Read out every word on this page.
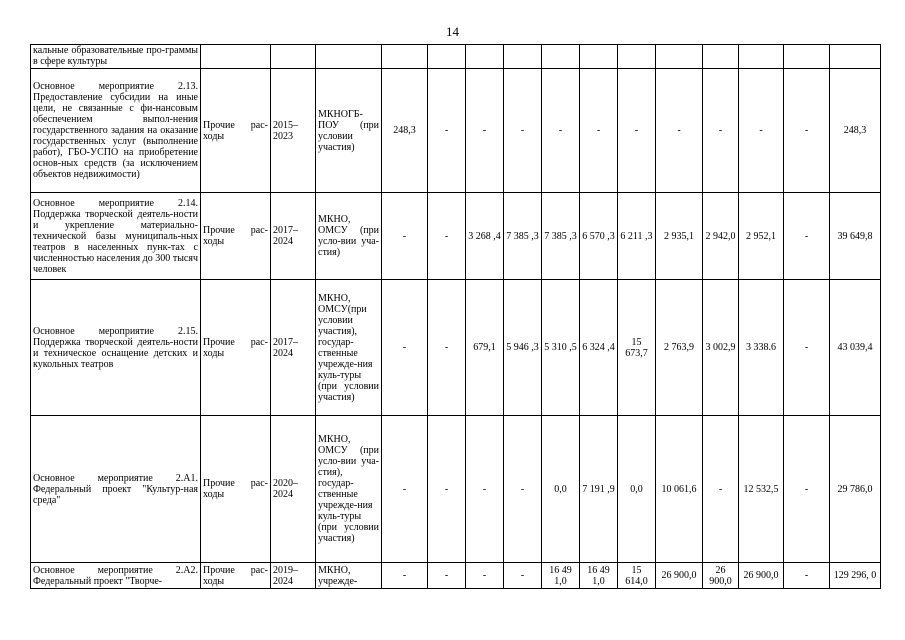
14
кальные образовательные про-граммы в сфере культуры															
Основное мероприятие 2.13. Предоставление субсидии на иные цели, не связанные с фи-нансовым обеспечением выпол-нения государственного задания на оказание государственных услуг (выполнение работ), ГБО-УСПО на приобретение основ-ных средств (за исключением объектов недвижимости)	Прочие рас-ходы	2015–2023	МКНОГБ-ПОУ (при условии участия)	248,3	-	-	-	-	-	-	-	-	-	-	248,3
Основное мероприятие 2.14. Поддержка творческой деятель-ности и укрепление материально-технической базы муниципаль-ных театров в населенных пунк-тах с численностью населения до 300 тысяч человек	Прочие рас-ходы	2017–2024	МКНО, ОМСУ (при усло-вии уча-стия)	-	-	3 268 ,4	7 385 ,3	7 385 ,3	6 570 ,3	6 211 ,3	2 935,1	2 942,0	2 952,1	-	39 649,8
Основное мероприятие 2.15. Поддержка творческой деятель-ности и техническое оснащение детских и кукольных театров	Прочие рас-ходы	2017–2024	МКНО, ОМСУ(при условии участия), государ-ственные учрежде-ния куль-туры (при условии участия)	-	-	679,1	5 946 ,3	5 310 ,5	6 324 ,4	15 673,7	2 763,9	3 002,9	3 338.6	-	43 039,4
Основное мероприятие 2.А1. Федеральный проект "Культур-ная среда"	Прочие рас-ходы	2020–2024	МКНО, ОМСУ (при усло-вии уча-стия), государ-ственные учрежде-ния куль-туры (при условии участия)	-	-	-	-	0,0	7 191 ,9	0,0	10 061,6	-	12 532,5	-	29 786,0
Основное мероприятие 2.А2. Федеральный проект "Творче-	Прочие рас-ходы	2019–2024	МКНО, учрежде-	-	-	-	-	16 49 1,0	16 49 1,0	15 614,0	26 900,0	26 900,0	26 900,0	-	129 296, 0
